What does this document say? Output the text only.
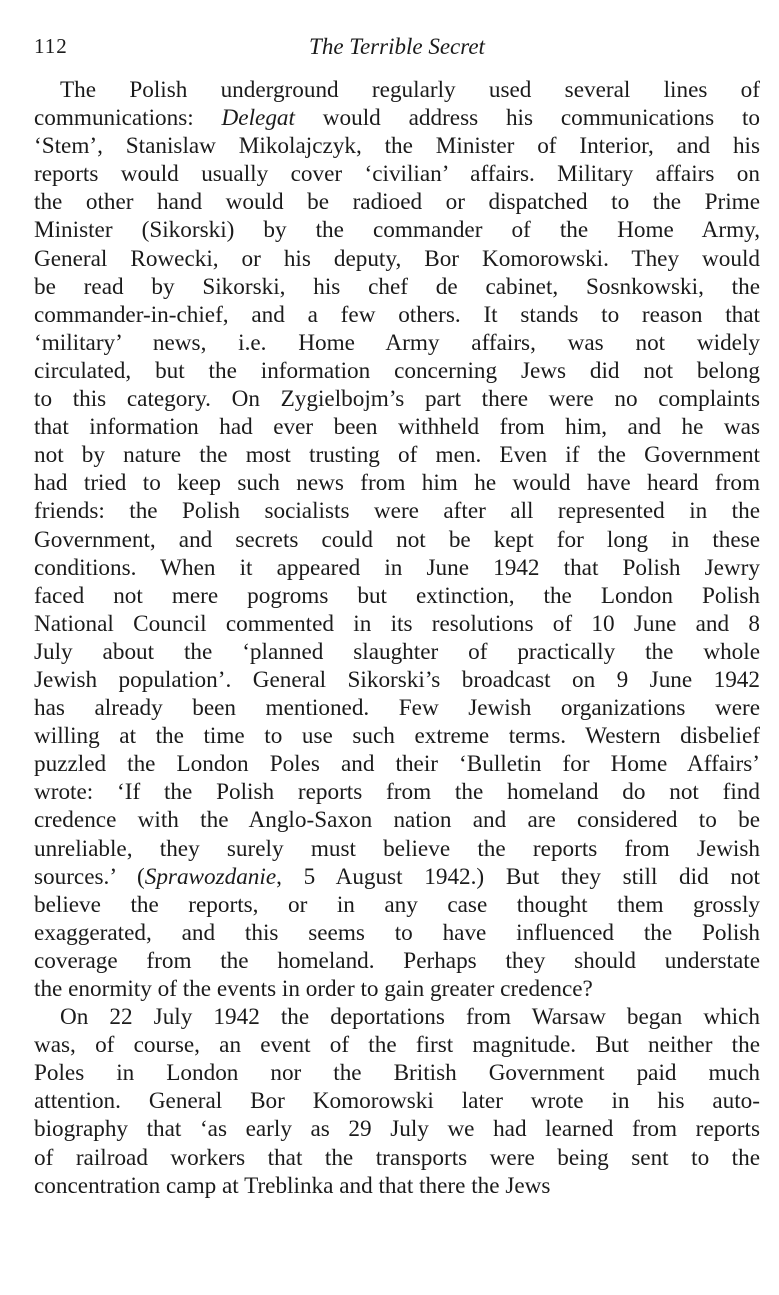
112	The Terrible Secret

The Polish underground regularly used several lines of
communications: Delegat would address his communications to
‘Stem’, Stanislaw Mikolajczyk, the Minister of Interior, and his
reports would usually cover ‘civilian’ affairs. Military affairs on
the other hand would be radioed or dispatched to the Prime
Minister (Sikorski) by the commander of the Home Army,
General Rowecki, or his deputy, Bor Komorowski. They would
be read by Sikorski, his chef de cabinet, Sosnkowski, the
commander-in-chief, and a few others. It stands to reason that
‘military’ news, i.e. Home Army affairs, was not widely
circulated, but the information concerning Jews did not belong
to this category. On Zygielbojm’s part there were no complaints
that information had ever been withheld from him, and he was
not by nature the most trusting of men. Even if the Government
had tried to keep such news from him he would have heard from
friends: the Polish socialists were after all represented in the
Government, and secrets could not be kept for long in these
conditions. When it appeared in June 1942 that Polish Jewry
faced not mere pogroms but extinction, the London Polish
National Council commented in its resolutions of 10 June and 8
July about the ‘planned slaughter of practically the whole
Jewish population’. General Sikorski’s broadcast on 9 June 1942
has already been mentioned. Few Jewish organizations were
willing at the time to use such extreme terms. Western disbelief
puzzled the London Poles and their ‘Bulletin for Home Affairs’
wrote: ‘If the Polish reports from the homeland do not find
credence with the Anglo-Saxon nation and are considered to be
unreliable, they surely must believe the reports from Jewish
sources.’ (Sprawozdanie, 5 August 1942.) But they still did not
believe the reports, or in any case thought them grossly
exaggerated, and this seems to have influenced the Polish
coverage from the homeland. Perhaps they should understate
the enormity of the events in order to gain greater credence?

On 22 July 1942 the deportations from Warsaw began which
was, of course, an event of the first magnitude. But neither the
Poles in London nor the British Government paid much
attention. General Bor Komorowski later wrote in his auto-
biography that ‘as early as 29 July we had learned from reports
of railroad workers that the transports were being sent to the
concentration camp at Treblinka and that there the Jews
